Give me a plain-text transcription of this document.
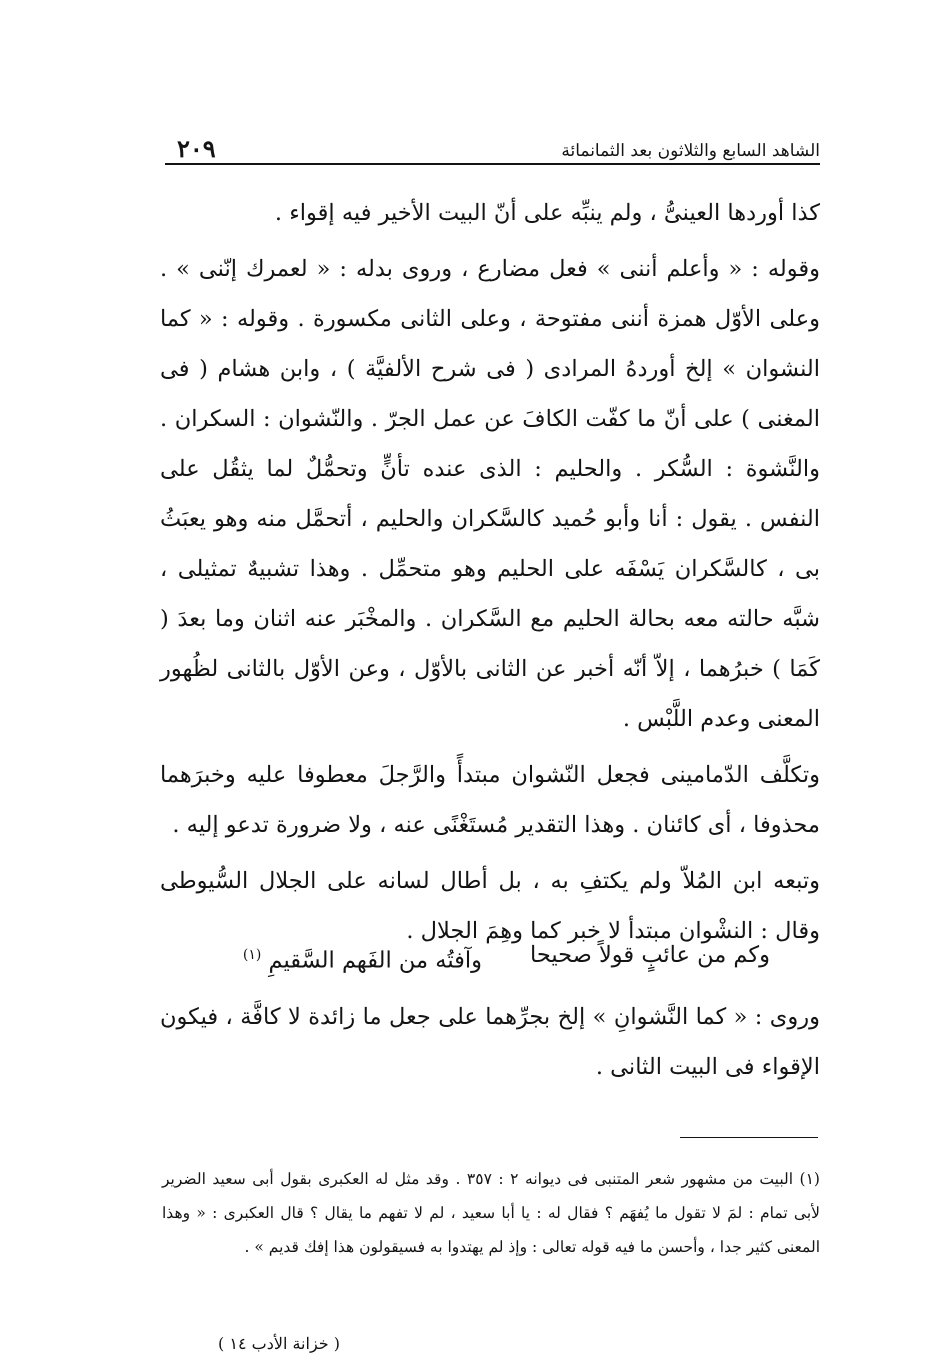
الشاهد السابع والثلاثون بعد الثمانمائة
٢٠٩

كذا أوردها العينىُّ ، ولم ينبِّه على أنّ البيت الأخير فيه إقواء .

وقوله : « وأعلم أننى » فعل مضارع ، وروى بدله : « لعمرك إنّنى » . وعلى الأوّل همزة أننى مفتوحة ، وعلى الثانى مكسورة . وقوله : « كما النشوان » إلخ أوردهُ المرادى ( فى شرح الألفيَّة ) ، وابن هشام ( فى المغنى ) على أنّ ما كفّت الكافَ عن عمل الجرّ . والنّشوان : السكران . والنَّشوة : السُّكر . والحليم : الذى عنده تأنٍّ وتحمُّلٌ لما يثقُل على النفس . يقول : أنا وأبو حُميد كالسَّكران والحليم ، أتحمَّل منه وهو يعبَثُ بى ، كالسَّكران يَسْفَه على الحليم وهو متحمِّل . وهذا تشبيهٌ تمثيلى ، شبَّه حالته معه بحالة الحليم مع السَّكران . والمخْبَر عنه اثنان وما بعدَ ( كَمَا ) خبرُهما ، إلاّ أنّه أخبر عن الثانى بالأوّل ، وعن الأوّل بالثانى لظُهور المعنى وعدم اللَّبْس .

وتكلَّف الدّمامينى فجعل النّشوان مبتدأً والرَّجلَ معطوفا عليه وخبرَهما محذوفا ، أى كائنان . وهذا التقدير مُستَغْنًى عنه ، ولا ضرورة تدعو إليه .

وتبعه ابن المُلاّ ولم يكتفِ به ، بل أطال لسانه على الجلال السُّيوطى وقال : النشْوان مبتدأ لا خبر كما وهِمَ الجلال .

وكم من عائبٍ قولاً صحيحا
وآفتُه من الفَهم السَّقيمِ $^{(١)}$

وروى : « كما النَّشوانِ » إلخ بجرِّهما على جعل ما زائدة لا كافَّة ، فيكون الإقواء فى البيت الثانى .

(١) البيت من مشهور شعر المتنبى فى ديوانه ٢ : ٣٥٧ . وقد مثل له العكبرى بقول أبى سعيد الضرير لأبى تمام : لمَ لا تقول ما يُفهَم ؟ فقال له : يا أبا سعيد ، لم لا تفهم ما يقال ؟ قال العكبرى : « وهذا المعنى كثير جدا ، وأحسن ما فيه قوله تعالى : وإذ لم يهتدوا به فسيقولون هذا إفك قديم » .

( خزانة الأدب ١٤ )
